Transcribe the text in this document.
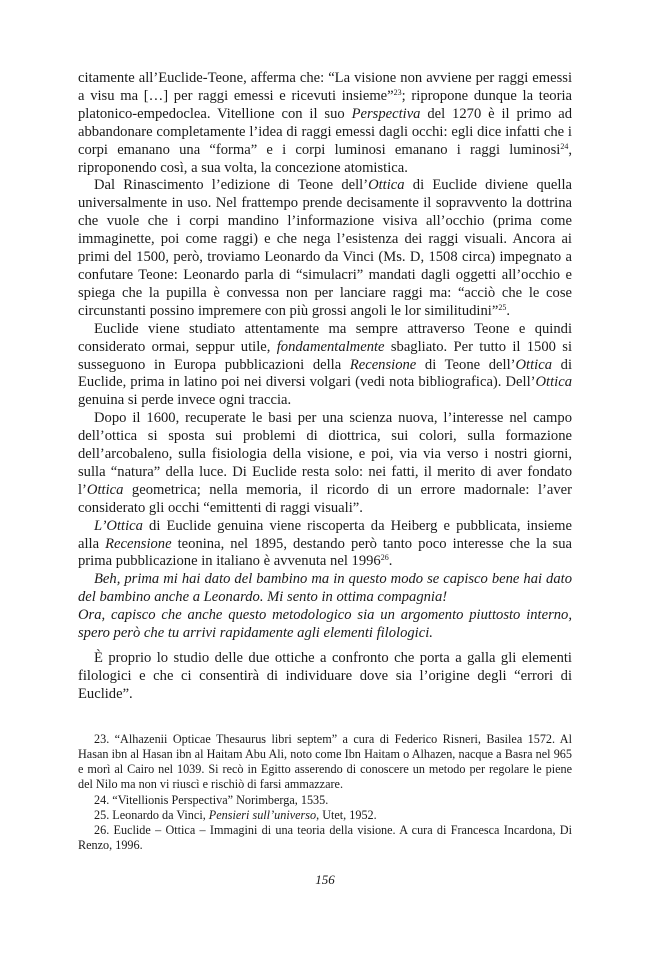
citamente all’Euclide-Teone, afferma che: “La visione non avviene per raggi emessi a visu ma […] per raggi emessi e ricevuti insieme”$^{23}$; ripropone dunque la teoria platonico-empedoclea. Vitellione con il suo Perspectiva del 1270 è il primo ad abbandonare completamente l’idea di raggi emessi dagli occhi: egli dice infatti che i corpi emanano una “forma” e i corpi luminosi emanano i raggi luminosi$^{24}$, riproponendo così, a sua volta, la concezione atomistica.

Dal Rinascimento l’edizione di Teone dell’Ottica di Euclide diviene quella universalmente in uso. Nel frattempo prende decisamente il sopravvento la dottrina che vuole che i corpi mandino l’informazione visiva all’occhio (prima come immaginette, poi come raggi) e che nega l’esistenza dei raggi visuali. Ancora ai primi del 1500, però, troviamo Leonardo da Vinci (Ms. D, 1508 circa) impegnato a confutare Teone: Leonardo parla di “simulacri” mandati dagli oggetti all’occhio e spiega che la pupilla è convessa non per lanciare raggi ma: “acciò che le cose circunstanti possino impremere con più grossi angoli le lor similitudini”$^{25}$.

Euclide viene studiato attentamente ma sempre attraverso Teone e quindi considerato ormai, seppur utile, fondamentalmente sbagliato. Per tutto il 1500 si susseguono in Europa pubblicazioni della Recensione di Teone dell’Ottica di Euclide, prima in latino poi nei diversi volgari (vedi nota bibliografica). Dell’Ottica genuina si perde invece ogni traccia.

Dopo il 1600, recuperate le basi per una scienza nuova, l’interesse nel campo dell’ottica si sposta sui problemi di diottrica, sui colori, sulla formazione dell’arcobaleno, sulla fisiologia della visione, e poi, via via verso i nostri giorni, sulla “natura” della luce. Di Euclide resta solo: nei fatti, il merito di aver fondato l’Ottica geometrica; nella memoria, il ricordo di un errore madornale: l’aver considerato gli occhi “emittenti di raggi visuali”.

L’Ottica di Euclide genuina viene riscoperta da Heiberg e pubblicata, insieme alla Recensione teonina, nel 1895, destando però tanto poco interesse che la sua prima pubblicazione in italiano è avvenuta nel 1996$^{26}$.

Beh, prima mi hai dato del bambino ma in questo modo se capisco bene hai dato del bambino anche a Leonardo. Mi sento in ottima compagnia!

Ora, capisco che anche questo metodologico sia un argomento piuttosto interno, spero però che tu arrivi rapidamente agli elementi filologici.

È proprio lo studio delle due ottiche a confronto che porta a galla gli elementi filologici e che ci consentirà di individuare dove sia l’origine degli “errori di Euclide”.

23. “Alhazenii Opticae Thesaurus libri septem” a cura di Federico Risneri, Basilea 1572. Al Hasan ibn al Hasan ibn al Haitam Abu Ali, noto come Ibn Haitam o Alhazen, nacque a Basra nel 965 e morì al Cairo nel 1039. Si recò in Egitto asserendo di conoscere un metodo per regolare le piene del Nilo ma non vi riuscì e rischiò di farsi ammazzare.

24. “Vitellionis Perspectiva” Norimberga, 1535.

25. Leonardo da Vinci, Pensieri sull’universo, Utet, 1952.

26. Euclide – Ottica – Immagini di una teoria della visione. A cura di Francesca Incardona, Di Renzo, 1996.

156
